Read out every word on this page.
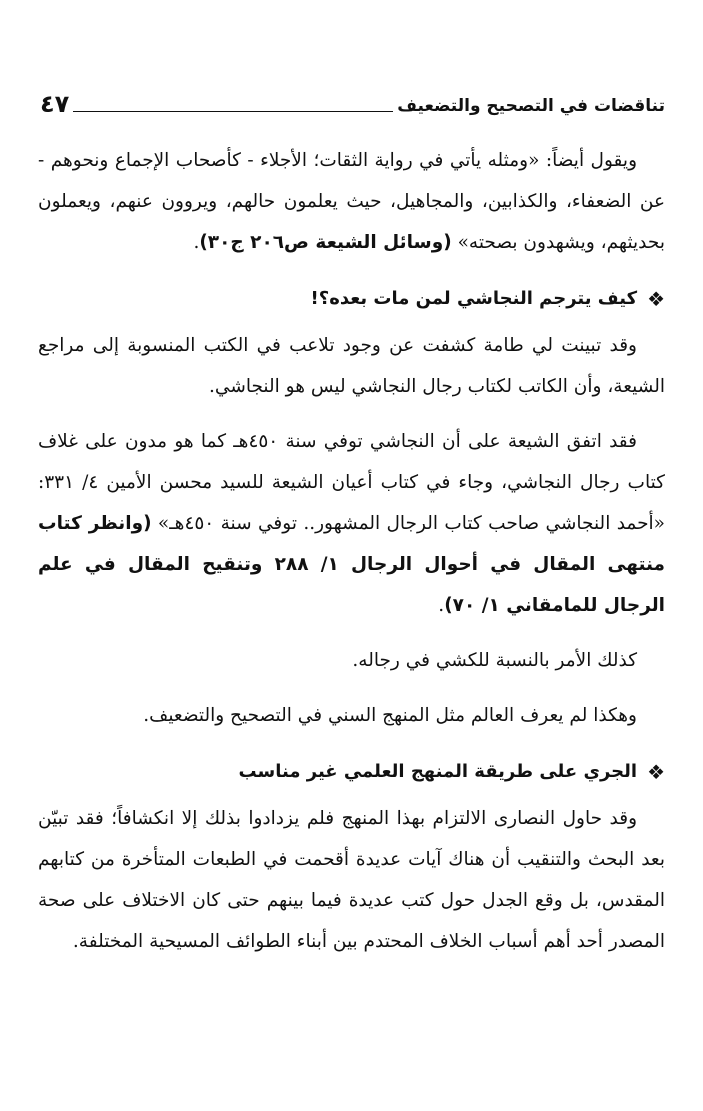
تناقضات في التصحيح والتضعيف
٤٧

ويقول أيضاً: «ومثله يأتي في رواية الثقات؛ الأجلاء - كأصحاب الإجماع ونحوهم - عن الضعفاء، والكذابين، والمجاهيل، حيث يعلمون حالهم، ويروون عنهم، ويعملون بحديثهم، ويشهدون بصحته» (وسائل الشيعة ص٢٠٦ ج٣٠).

❖
كيف يترجم النجاشي لمن مات بعده؟!

وقد تبينت لي طامة كشفت عن وجود تلاعب في الكتب المنسوبة إلى مراجع الشيعة، وأن الكاتب لكتاب رجال النجاشي ليس هو النجاشي.

فقد اتفق الشيعة على أن النجاشي توفي سنة ٤٥٠هـ كما هو مدون على غلاف كتاب رجال النجاشي، وجاء في كتاب أعيان الشيعة للسيد محسن الأمين ٤/ ٣٣١: «أحمد النجاشي صاحب كتاب الرجال المشهور.. توفي سنة ٤٥٠هـ» (وانظر كتاب منتهى المقال في أحوال الرجال ١/ ٢٨٨ وتنقيح المقال في علم الرجال للمامقاني ١/ ٧٠).

كذلك الأمر بالنسبة للكشي في رجاله.

وهكذا لم يعرف العالم مثل المنهج السني في التصحيح والتضعيف.

❖
الجري على طريقة المنهج العلمي غير مناسب

وقد حاول النصارى الالتزام بهذا المنهج فلم يزدادوا بذلك إلا انكشافاً؛ فقد تبيّن بعد البحث والتنقيب أن هناك آيات عديدة أقحمت في الطبعات المتأخرة من كتابهم المقدس، بل وقع الجدل حول كتب عديدة فيما بينهم حتى كان الاختلاف على صحة المصدر أحد أهم أسباب الخلاف المحتدم بين أبناء الطوائف المسيحية المختلفة.
